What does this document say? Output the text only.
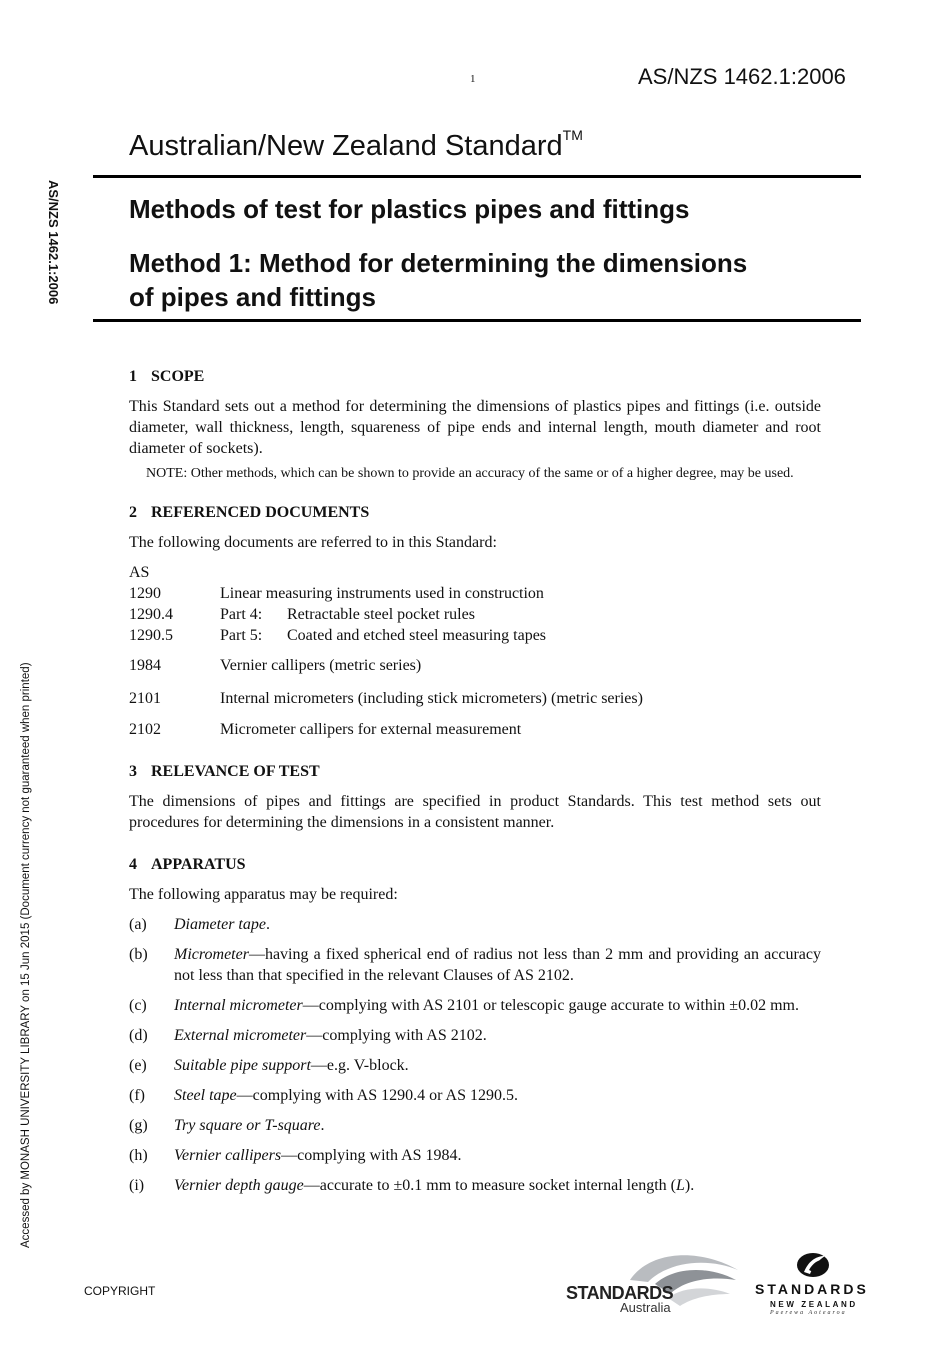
1	AS/NZS 1462.1:2006
Australian/New Zealand Standard™
Methods of test for plastics pipes and fittings
Method 1: Method for determining the dimensions of pipes and fittings
AS/NZS 1462.1:2006
Accessed by MONASH UNIVERSITY LIBRARY on 15 Jun 2015 (Document currency not guaranteed when printed)
1 SCOPE

This Standard sets out a method for determining the dimensions of plastics pipes and fittings (i.e. outside diameter, wall thickness, length, squareness of pipe ends and internal length, mouth diameter and root diameter of sockets).

NOTE: Other methods, which can be shown to provide an accuracy of the same or of a higher degree, may be used.

2 REFERENCED DOCUMENTS

The following documents are referred to in this Standard:

AS
1290	Linear measuring instruments used in construction
1290.4	Part 4:	Retractable steel pocket rules
1290.5	Part 5:	Coated and etched steel measuring tapes
1984	Vernier callipers (metric series)
2101	Internal micrometers (including stick micrometers) (metric series)
2102	Micrometer callipers for external measurement
3 RELEVANCE OF TEST

The dimensions of pipes and fittings are specified in product Standards. This test method sets out procedures for determining the dimensions in a consistent manner.

4 APPARATUS

The following apparatus may be required:

(a)	Diameter tape.
(b)	Micrometer—having a fixed spherical end of radius not less than 2 mm and providing an accuracy not less than that specified in the relevant Clauses of AS 2102.
(c)	Internal micrometer—complying with AS 2101 or telescopic gauge accurate to within ±0.02 mm.
(d)	External micrometer—complying with AS 2102.
(e)	Suitable pipe support—e.g. V-block.
(f)	Steel tape—complying with AS 1290.4 or AS 1290.5.
(g)	Try square or T-square.
(h)	Vernier callipers—complying with AS 1984.
(i)	Vernier depth gauge—accurate to ±0.1 mm to measure socket internal length (L).
COPYRIGHT	STANDARDS
Australia
STANDARDS
NEW ZEALAND
Paerewa Aotearoa
